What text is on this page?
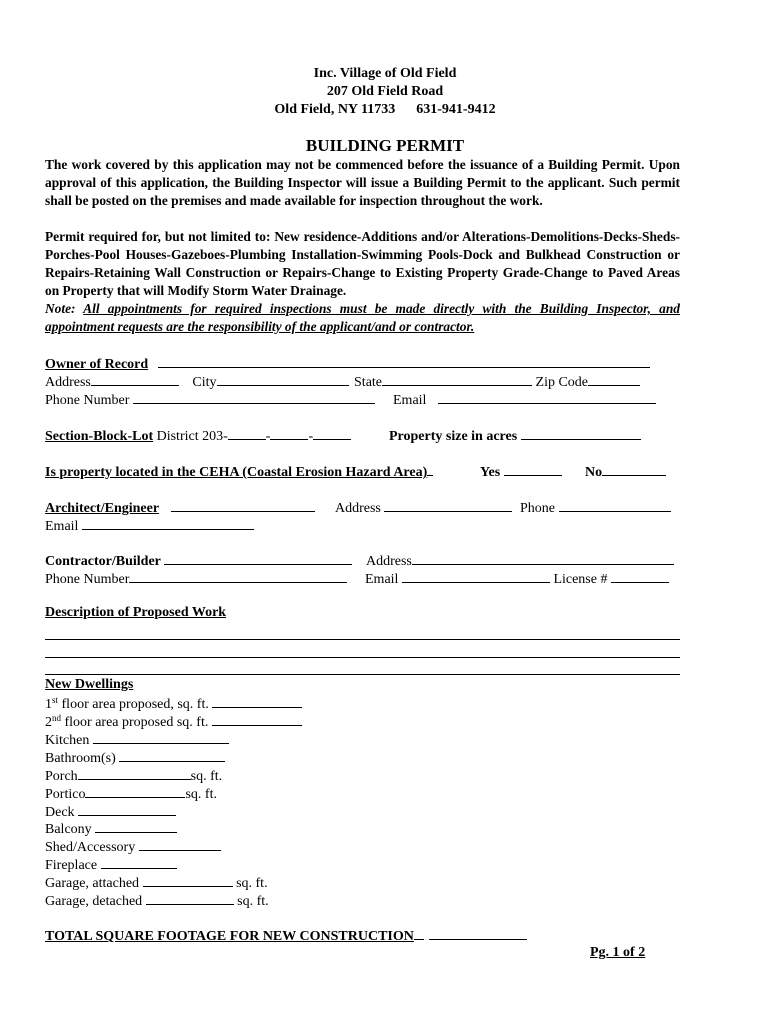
Inc. Village of Old Field
207 Old Field Road
Old Field, NY 11733 631-941-9412
BUILDING PERMIT
The work covered by this application may not be commenced before the issuance of a Building Permit. Upon approval of this application, the Building Inspector will issue a Building Permit to the applicant. Such permit shall be posted on the premises and made available for inspection throughout the work.
Permit required for, but not limited to: New residence-Additions and/or Alterations-Demolitions-Decks-Sheds-Porches-Pool Houses-Gazeboes-Plumbing Installation-Swimming Pools-Dock and Bulkhead Construction or Repairs-Retaining Wall Construction or Repairs-Change to Existing Property Grade-Change to Paved Areas on Property that will Modify Storm Water Drainage.
Note: All appointments for required inspections must be made directly with the Building Inspector, and appointment requests are the responsibility of the applicant/and or contractor.
Owner of Record
Address	City	State	Zip Code
Phone Number	Email
Section-Block-Lot District 203-	-	-	Property size in acres
Is property located in the CEHA (Coastal Erosion Hazard Area)	Yes	No
Architect/Engineer	Address	Phone
Email
Contractor/Builder	Address
Phone Number	Email	License #
Description of Proposed Work
New Dwellings
1st floor area proposed, sq. ft.
2nd floor area proposed sq. ft.
Kitchen
Bathroom(s)
Porch	sq. ft.
Portico	sq. ft.
Deck
Balcony
Shed/Accessory
Fireplace
Garage, attached	sq. ft.
Garage, detached	sq. ft.
TOTAL SQUARE FOOTAGE FOR NEW CONSTRUCTION
Pg. 1 of 2
